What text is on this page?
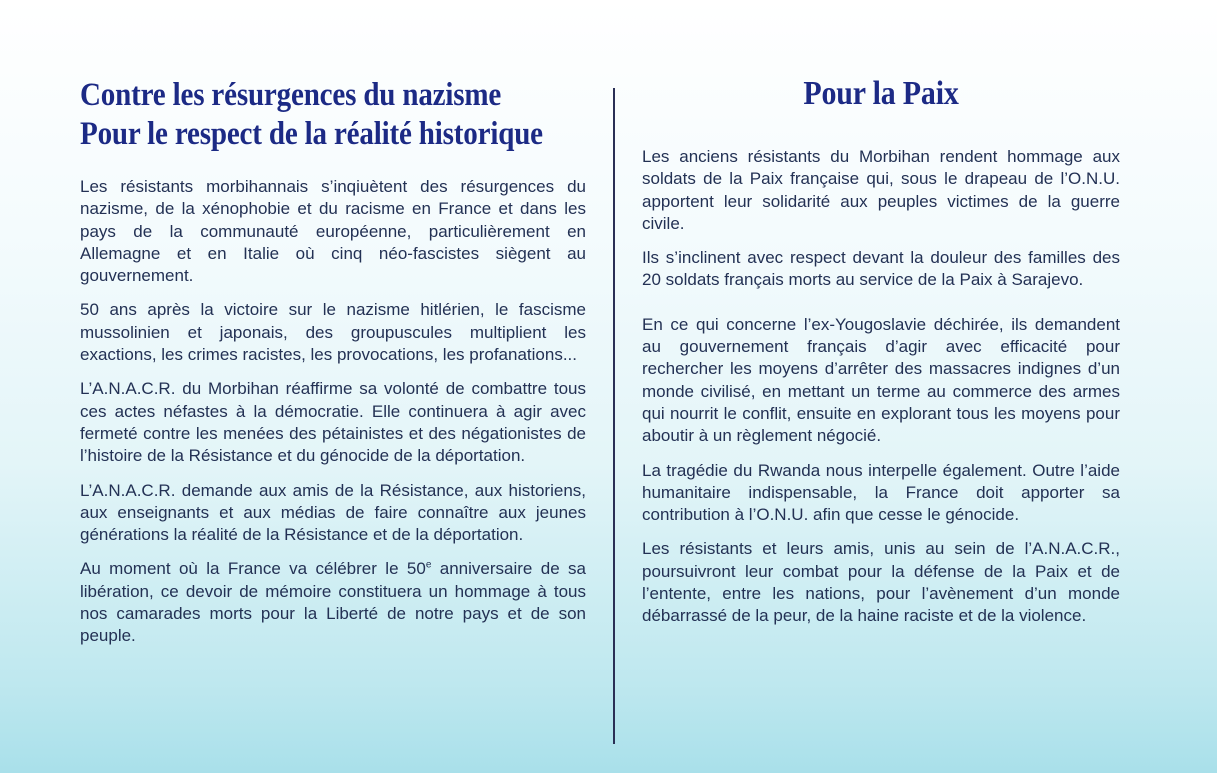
Contre les résurgences du nazisme
Pour le respect de la réalité historique

Les résistants morbihannais s’inqiuètent des résurgences du nazisme, de la xénophobie et du racisme en France et dans les pays de la communauté européenne, particulièrement en Allemagne et en Italie où cinq néo-fascistes siègent au gouvernement.

50 ans après la victoire sur le nazisme hitlérien, le fascisme mussolinien et japonais, des groupuscules multiplient les exactions, les crimes racistes, les provocations, les profanations...

L’A.N.A.C.R. du Morbihan réaffirme sa volonté de combattre tous ces actes néfastes à la démocratie. Elle continuera à agir avec fermeté contre les menées des pétainistes et des négationistes de l’histoire de la Résistance et du génocide de la déportation.

L’A.N.A.C.R. demande aux amis de la Résistance, aux historiens, aux enseignants et aux médias de faire connaître aux jeunes générations la réalité de la Résistance et de la déportation.

Au moment où la France va célébrer le 50e anniversaire de sa libération, ce devoir de mémoire constituera un hommage à tous nos camarades morts pour la Liberté de notre pays et de son peuple.

Pour la Paix

Les anciens résistants du Morbihan rendent hommage aux soldats de la Paix française qui, sous le drapeau de l’O.N.U. apportent leur solidarité aux peuples victimes de la guerre civile.

Ils s’inclinent avec respect devant la douleur des familles des 20 soldats français morts au service de la Paix à Sarajevo.

En ce qui concerne l’ex-Yougoslavie déchirée, ils demandent au gouvernement français d’agir avec efficacité pour rechercher les moyens d’arrêter des massacres indignes d’un monde civilisé, en mettant un terme au commerce des armes qui nourrit le conflit, ensuite en explorant tous les moyens pour aboutir à un règlement négocié.

La tragédie du Rwanda nous interpelle également. Outre l’aide humanitaire indispensable, la France doit apporter sa contribution à l’O.N.U. afin que cesse le génocide.

Les résistants et leurs amis, unis au sein de l’A.N.A.C.R., poursuivront leur combat pour la défense de la Paix et de l’entente, entre les nations, pour l’avènement d’un monde débarrassé de la peur, de la haine raciste et de la violence.
